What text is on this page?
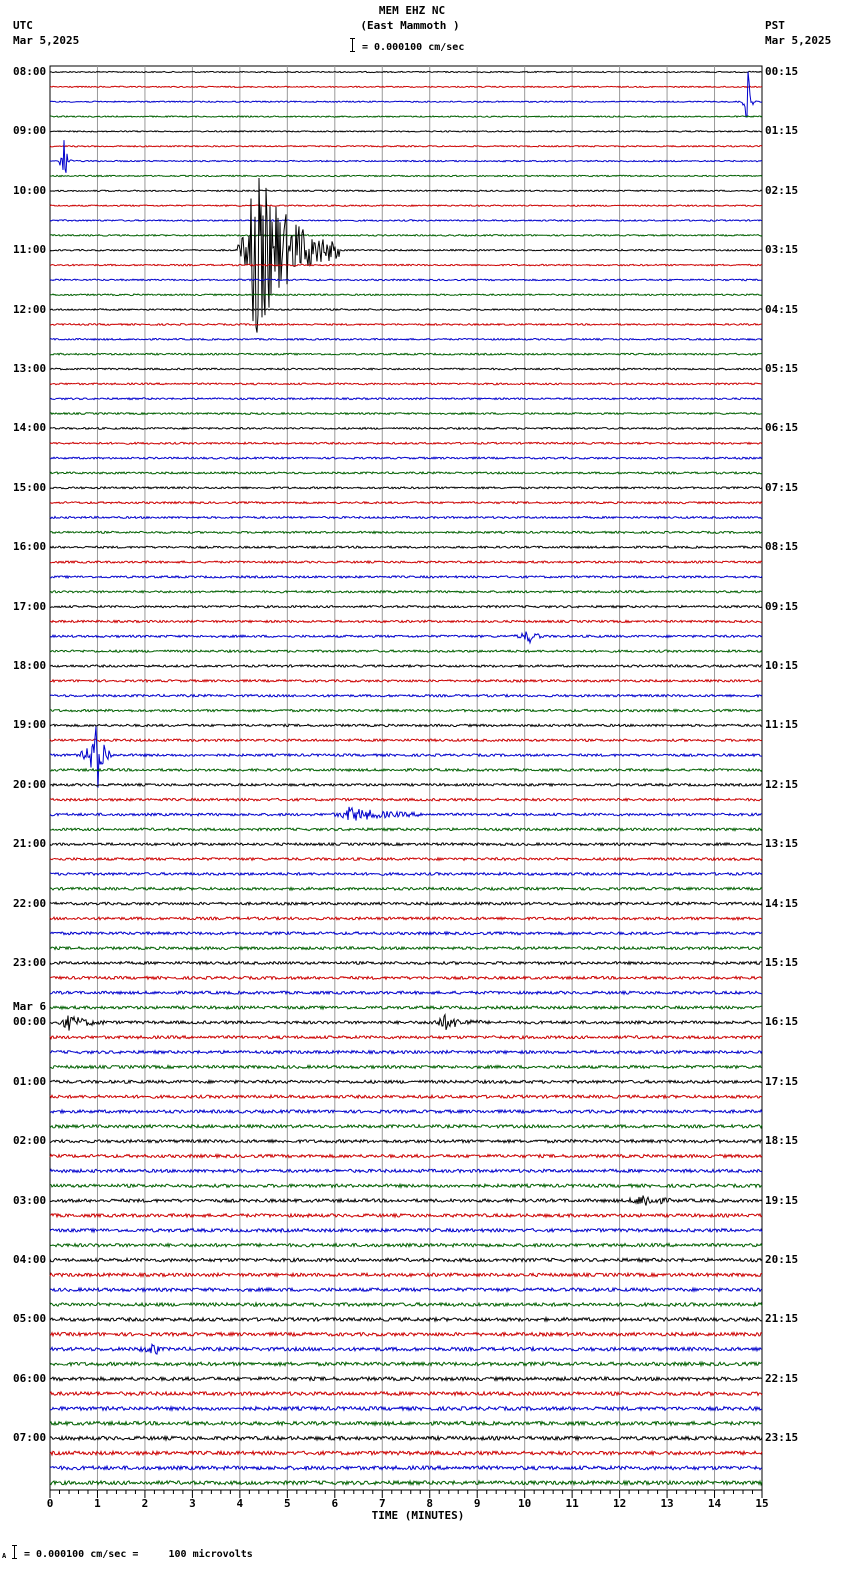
MEM EHZ NC
(East Mammoth )
= 0.000100 cm/sec
UTC
Mar 5,2025
PST
Mar 5,2025
0	1	2	3	4	5	6	7	8	9	10	11	12	13	14	15
08:00
09:00
10:00
11:00
12:00
13:00
14:00
15:00
16:00
17:00
18:00
19:00
20:00
21:00
22:00
23:00
00:00
01:00
02:00
03:00
04:00
05:00
06:00
07:00
00:15
01:15
02:15
03:15
04:15
05:15
06:15
07:15
08:15
09:15
10:15
11:15
12:15
13:15
14:15
15:15
16:15
17:15
18:15
19:15
20:15
21:15
22:15
23:15
Mar 6
TIME (MINUTES)
A = 0.000100 cm/sec =     100 microvolts
